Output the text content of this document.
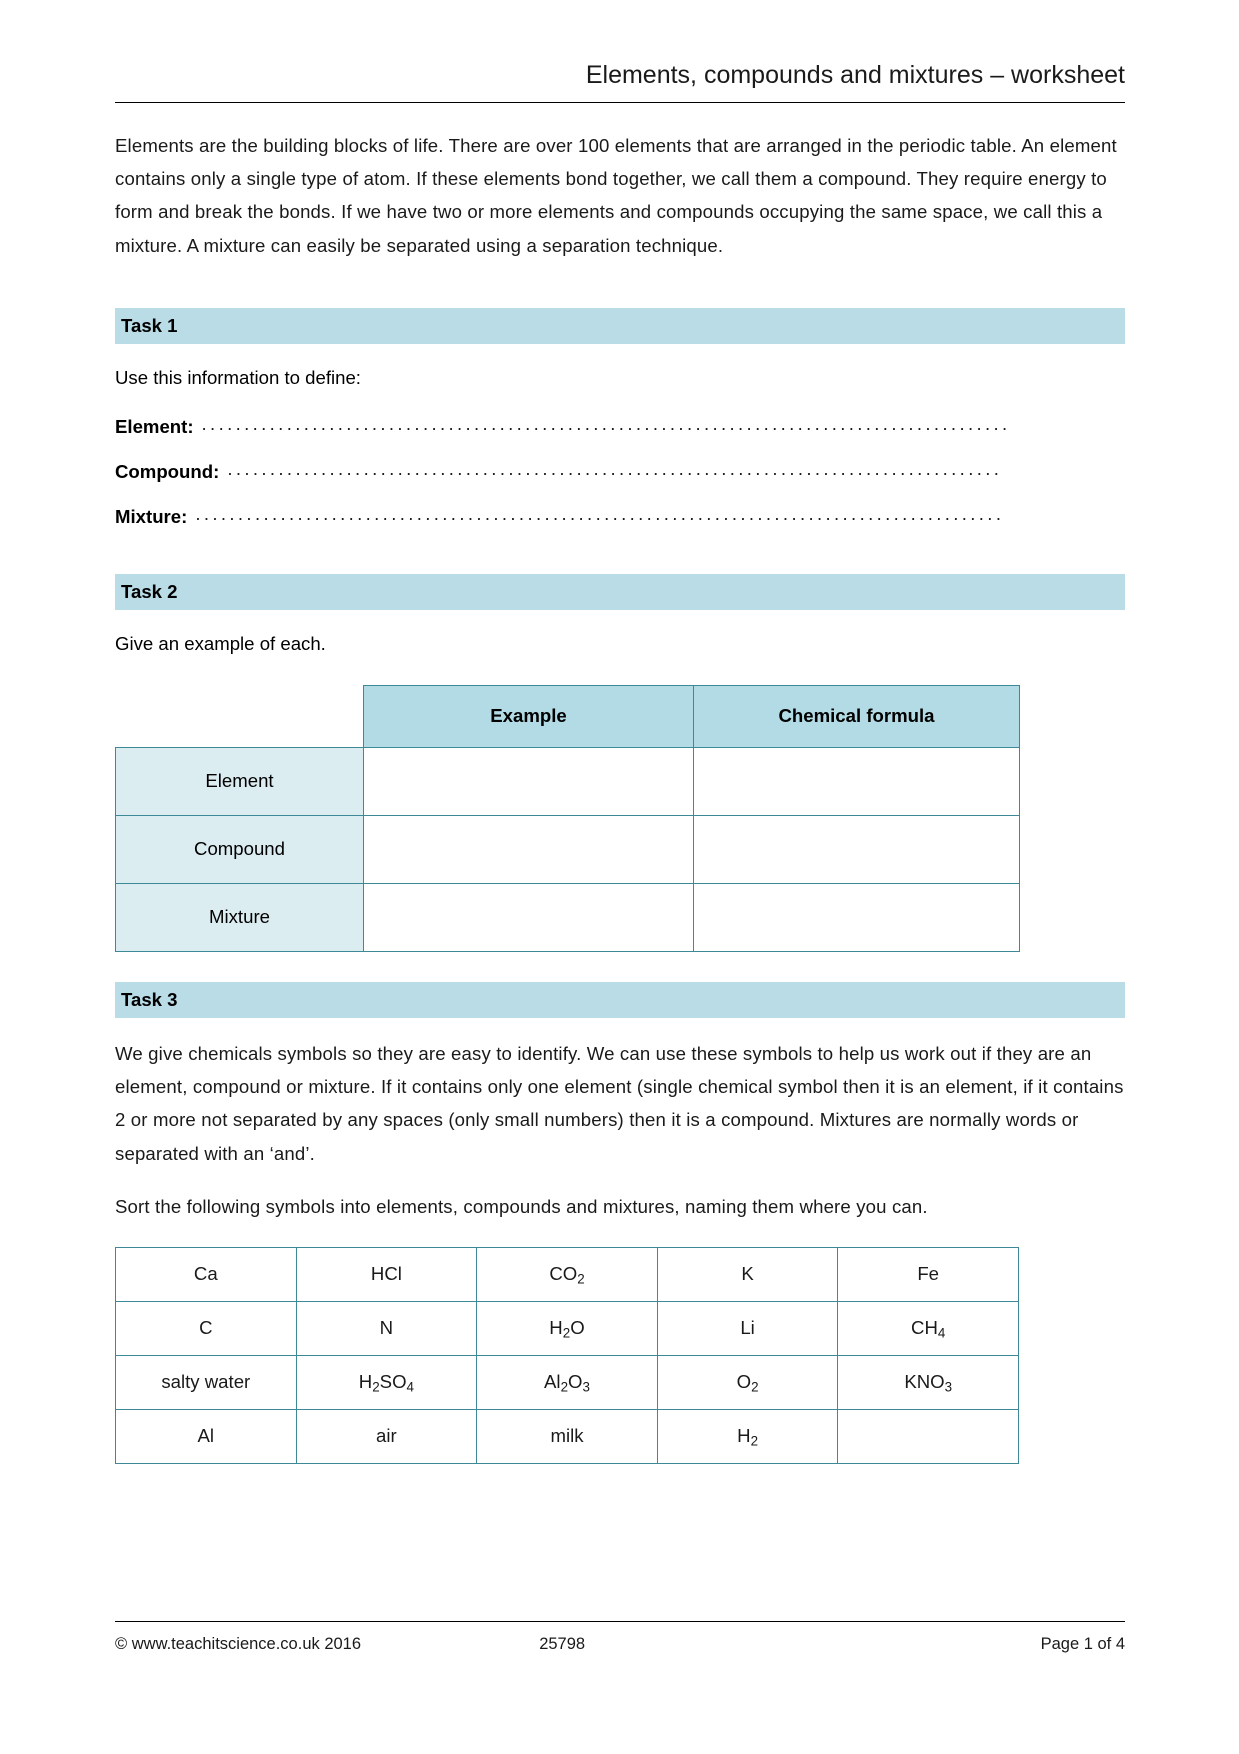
Elements, compounds and mixtures – worksheet
Elements are the building blocks of life. There are over 100 elements that are arranged in the periodic table. An element contains only a single type of atom. If these elements bond together, we call them a compound. They require energy to form and break the bonds. If we have two or more elements and compounds occupying the same space, we call this a mixture. A mixture can easily be separated using a separation technique.
Task 1
Use this information to define:
Element: ...............................................................................................
Compound: ...........................................................................................
Mixture: ...............................................................................................
Task 2
Give an example of each.
	Example	Chemical formula
Element		
Compound		
Mixture		
Task 3

We give chemicals symbols so they are easy to identify. We can use these symbols to help us work out if they are an element, compound or mixture. If it contains only one element (single chemical symbol then it is an element, if it contains 2 or more not separated by any spaces (only small numbers) then it is a compound. Mixtures are normally words or separated with an ‘and’.

Sort the following symbols into elements, compounds and mixtures, naming them where you can.

Ca	HCl	$CO_2$	K	Fe
C	N	$H_2O$	Li	$CH_4$
salty water	$H_2SO_4$	$Al_2O_3$	$O_2$	$KNO_3$
Al	air	milk	$H_2$	
© www.teachitscience.co.uk 2016	25798	Page 1 of 4
